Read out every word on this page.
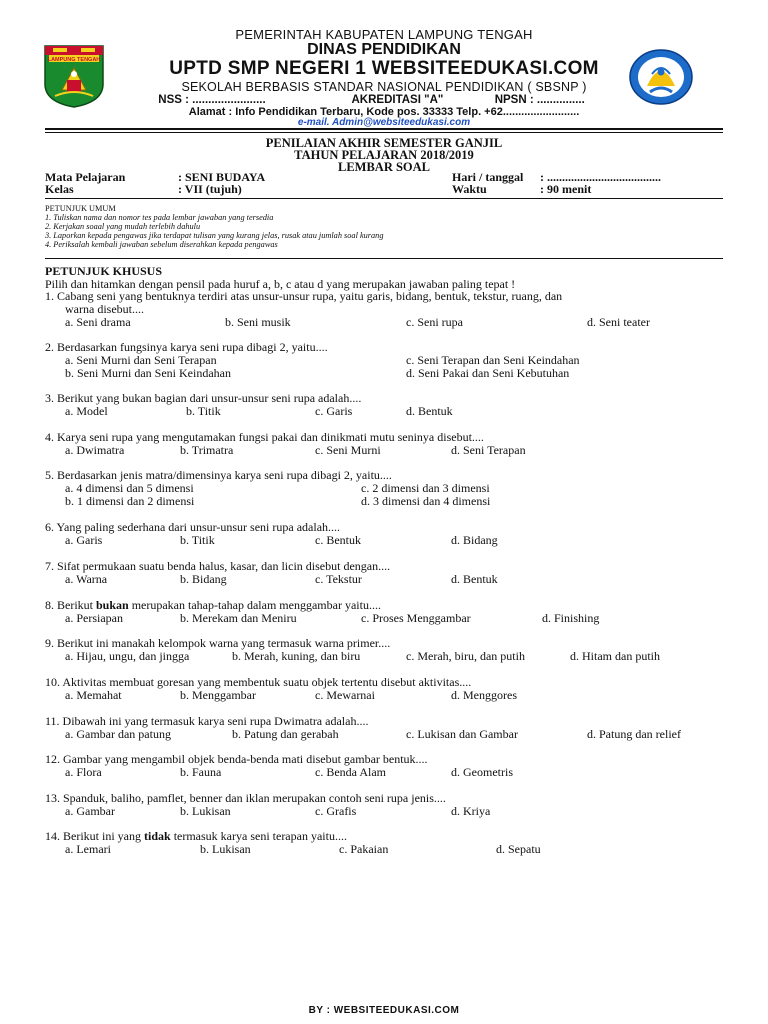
PEMERINTAH KABUPATEN LAMPUNG TENGAH
DINAS PENDIDIKAN
UPTD SMP NEGERI 1 WEBSITEEDUKASI.COM
SEKOLAH BERBASIS STANDAR NASIONAL PENDIDIKAN ( SBSNP )
NSS : .......................	AKREDITASI "A"	NPSN : ...............
Alamat : Info Pendidikan Terbaru, Kode pos. 33333 Telp. +62.........................
e-mail. Admin@websiteedukasi.com
LAMPUNG TENGAH
PENILAIAN AKHIR SEMESTER GANJIL
TAHUN PELAJARAN 2018/2019
LEMBAR SOAL
Mata Pelajaran	: SENI BUDAYA	Hari / tanggal : ......................................
Kelas	: VII (tujuh)	Waktu	: 90 menit
PETUNJUK UMUM
1. Tuliskan nama dan nomor tes pada lembar jawaban yang tersedia
2. Kerjakan soaal yang mudah terlebih dahulu
3. Laporkan kepada pengawas jika terdapat tulisan yang kurang jelas, rusak atau jumlah soal kurang
4. Periksalah kembali jawaban sebelum diserahkan kepada pengawas
PETUNJUK KHUSUS
Pilih dan hitamkan dengan pensil pada huruf a, b, c atau d yang merupakan jawaban paling tepat !
1. Cabang seni yang bentuknya terdiri atas unsur-unsur rupa, yaitu garis, bidang, bentuk, tekstur, ruang, dan
warna disebut....
a. Seni drama	b. Seni musik	c. Seni rupa	d. Seni teater
2. Berdasarkan fungsinya karya seni rupa dibagi 2, yaitu....
a. Seni Murni dan Seni Terapan	c. Seni Terapan dan Seni Keindahan
b. Seni Murni dan Seni Keindahan	d. Seni Pakai dan Seni Kebutuhan
3. Berikut yang bukan bagian dari unsur-unsur seni rupa adalah....
a. Model	b. Titik	c. Garis	d. Bentuk
4. Karya seni rupa yang mengutamakan fungsi pakai dan dinikmati mutu seninya disebut....
a. Dwimatra	b. Trimatra	c. Seni Murni	d. Seni Terapan
5. Berdasarkan jenis matra/dimensinya karya seni rupa dibagi 2, yaitu....
a. 4 dimensi dan 5 dimensi	c. 2 dimensi dan 3 dimensi
b. 1 dimensi dan 2 dimensi	d. 3 dimensi dan 4 dimensi
6. Yang paling sederhana dari unsur-unsur seni rupa adalah....
a. Garis	b. Titik	c. Bentuk	d. Bidang
7. Sifat permukaan suatu benda halus, kasar, dan licin disebut dengan....
a. Warna	b. Bidang	c. Tekstur	d. Bentuk
8. Berikut bukan merupakan tahap-tahap dalam menggambar yaitu....
a. Persiapan	b. Merekam dan Meniru	c. Proses Menggambar	d. Finishing
9. Berikut ini manakah kelompok warna yang termasuk warna primer....
a. Hijau, ungu, dan jingga	b. Merah, kuning, dan biru	c. Merah, biru, dan putih	d. Hitam dan putih
10. Aktivitas membuat goresan yang membentuk suatu objek tertentu disebut aktivitas....
a. Memahat	b. Menggambar	c. Mewarnai	d. Menggores
11. Dibawah ini yang termasuk karya seni rupa Dwimatra adalah....
a. Gambar dan patung	b. Patung dan gerabah	c. Lukisan dan Gambar	d. Patung dan relief
12. Gambar yang mengambil objek benda-benda mati disebut gambar bentuk....
a. Flora	b. Fauna	c. Benda Alam	d. Geometris
13. Spanduk, baliho, pamflet, benner dan iklan merupakan contoh seni rupa jenis....
a. Gambar	b. Lukisan	c. Grafis	d. Kriya
14. Berikut ini yang tidak termasuk karya seni terapan yaitu....
a. Lemari	b. Lukisan	c. Pakaian	d. Sepatu
BY : WEBSITEEDUKASI.COM
